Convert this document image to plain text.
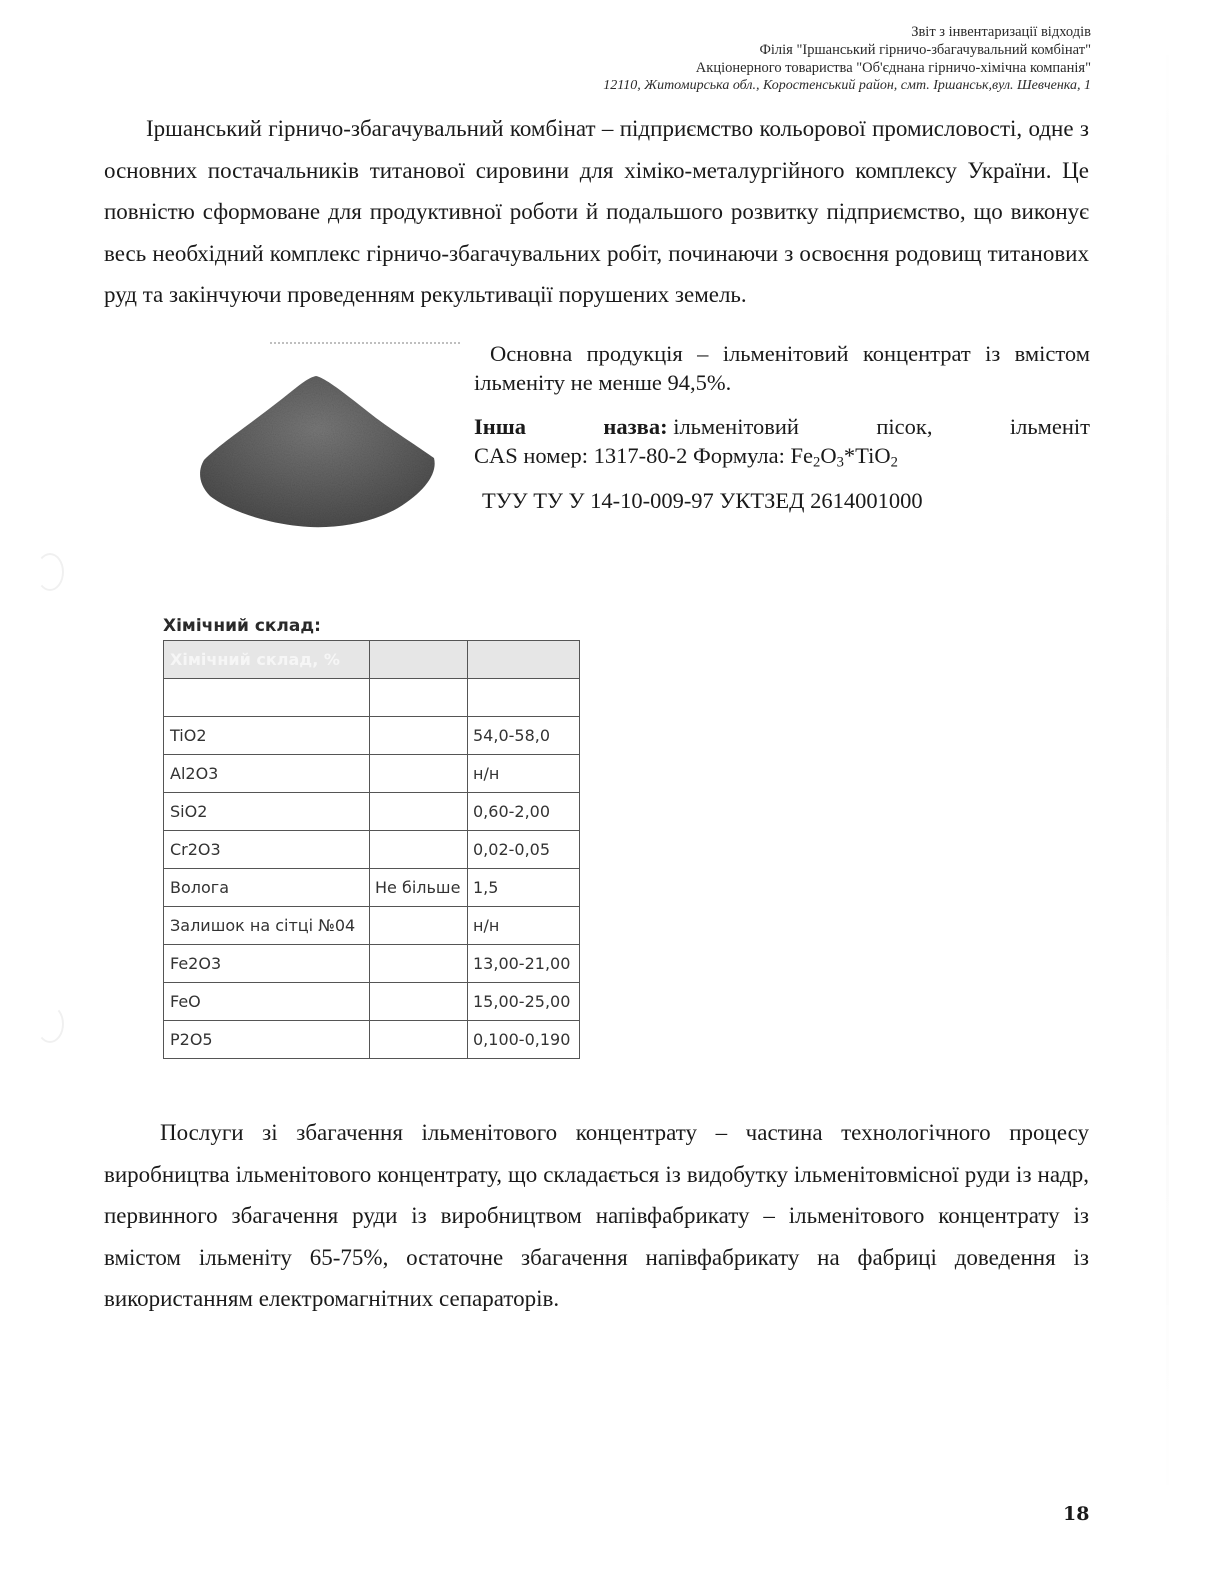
Звіт з інвентаризації відходів
Філія "Іршанський гірничо-збагачувальний комбінат"
Акціонерного товариства "Об'єднана гірничо-хімічна компанія"
12110, Житомирська обл., Коростенський район, смт. Іршанськ,вул. Шевченка, 1

Іршанський гірничо-збагачувальний комбінат – підприємство кольорової промисловості, одне з основних постачальників титанової сировини для хіміко-металургійного комплексу України. Це повністю сформоване для продуктивної роботи й подальшого розвитку підприємство, що виконує весь необхідний комплекс гірничо-збагачувальних робіт, починаючи з освоєння родовищ титанових руд та закінчуючи проведенням рекультивації порушених земель.

Основна продукція – ільменітовий концентрат із вмістом ільменіту не менше 94,5%.

Інша	назва: ільменітовий	пісок,	ільменіт
CAS номер: 1317-80-2 Формула: $Fe_2O_3*TiO_2$

ТУУ ТУ У 14-10-009-97 УКТЗЕД 2614001000

Хімічний склад:
Хімічний склад, %		

TiO2		54,0-58,0
Al2O3		н/н
SiO2		0,60-2,00
Cr2O3		0,02-0,05
Волога	Не більше	1,5
Залишок на сітці №04		н/н
Fe2O3		13,00-21,00
FeO		15,00-25,00
P2O5		0,100-0,190

Послуги зі збагачення ільменітового концентрату – частина технологічного процесу виробництва ільменітового концентрату, що складається із видобутку ільменітовмісної руди із надр, первинного збагачення руди із виробництвом напівфабрикату – ільменітового концентрату із вмістом ільменіту 65-75%, остаточне збагачення напівфабрикату на фабриці доведення із використанням електромагнітних сепараторів.

18
